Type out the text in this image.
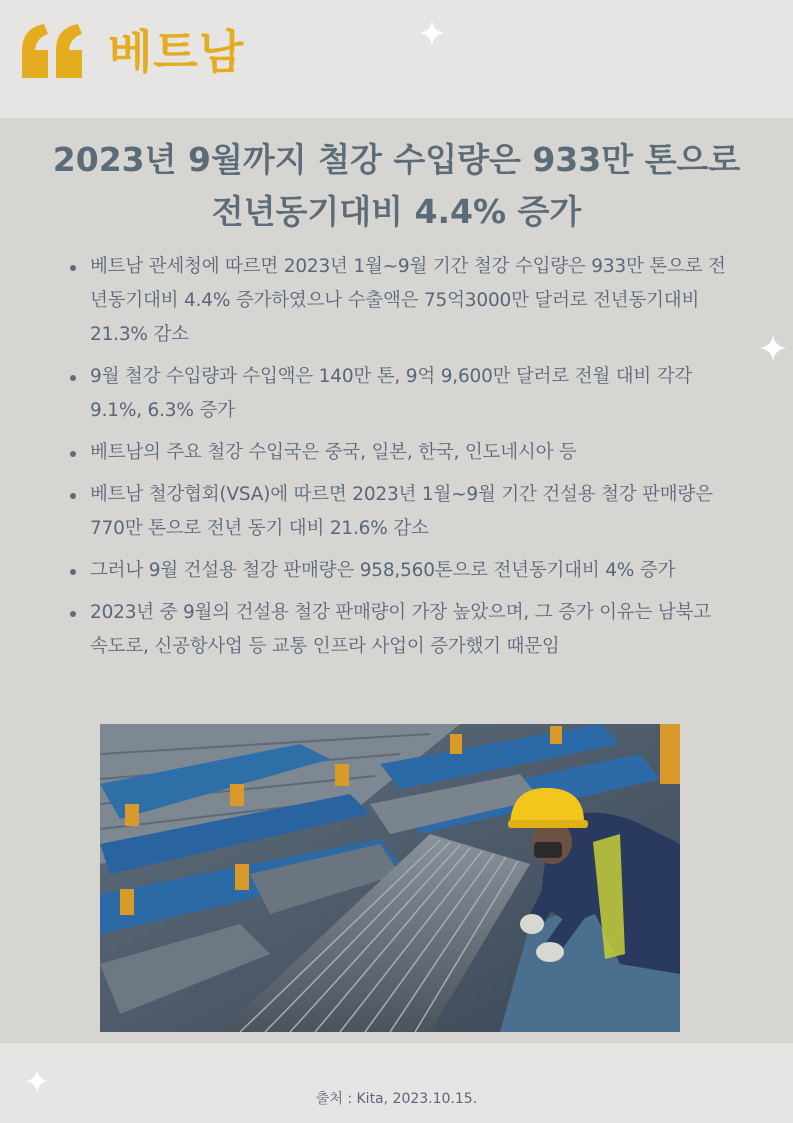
베트남
2023년 9월까지 철강 수입량은 933만 톤으로
전년동기대비 4.4% 증가
베트남 관세청에 따르면 2023년 1월~9월 기간 철강 수입량은 933만 톤으로 전년동기대비 4.4% 증가하였으나 수출액은 75억3000만 달러로 전년동기대비 21.3% 감소
9월 철강 수입량과 수입액은 140만 톤, 9억 9,600만 달러로 전월 대비 각각 9.1%, 6.3% 증가
베트남의 주요 철강 수입국은 중국, 일본, 한국, 인도네시아 등
베트남 철강협회(VSA)에 따르면 2023년 1월~9월 기간 건설용 철강 판매량은 770만 톤으로 전년 동기 대비 21.6% 감소
그러나 9월 건설용 철강 판매량은 958,560톤으로 전년동기대비 4% 증가
2023년 중 9월의 건설용 철강 판매량이 가장 높았으며, 그 증가 이유는 남북고속도로, 신공항사업 등 교통 인프라 사업이 증가했기 때문임
출처 : Kita, 2023.10.15.
